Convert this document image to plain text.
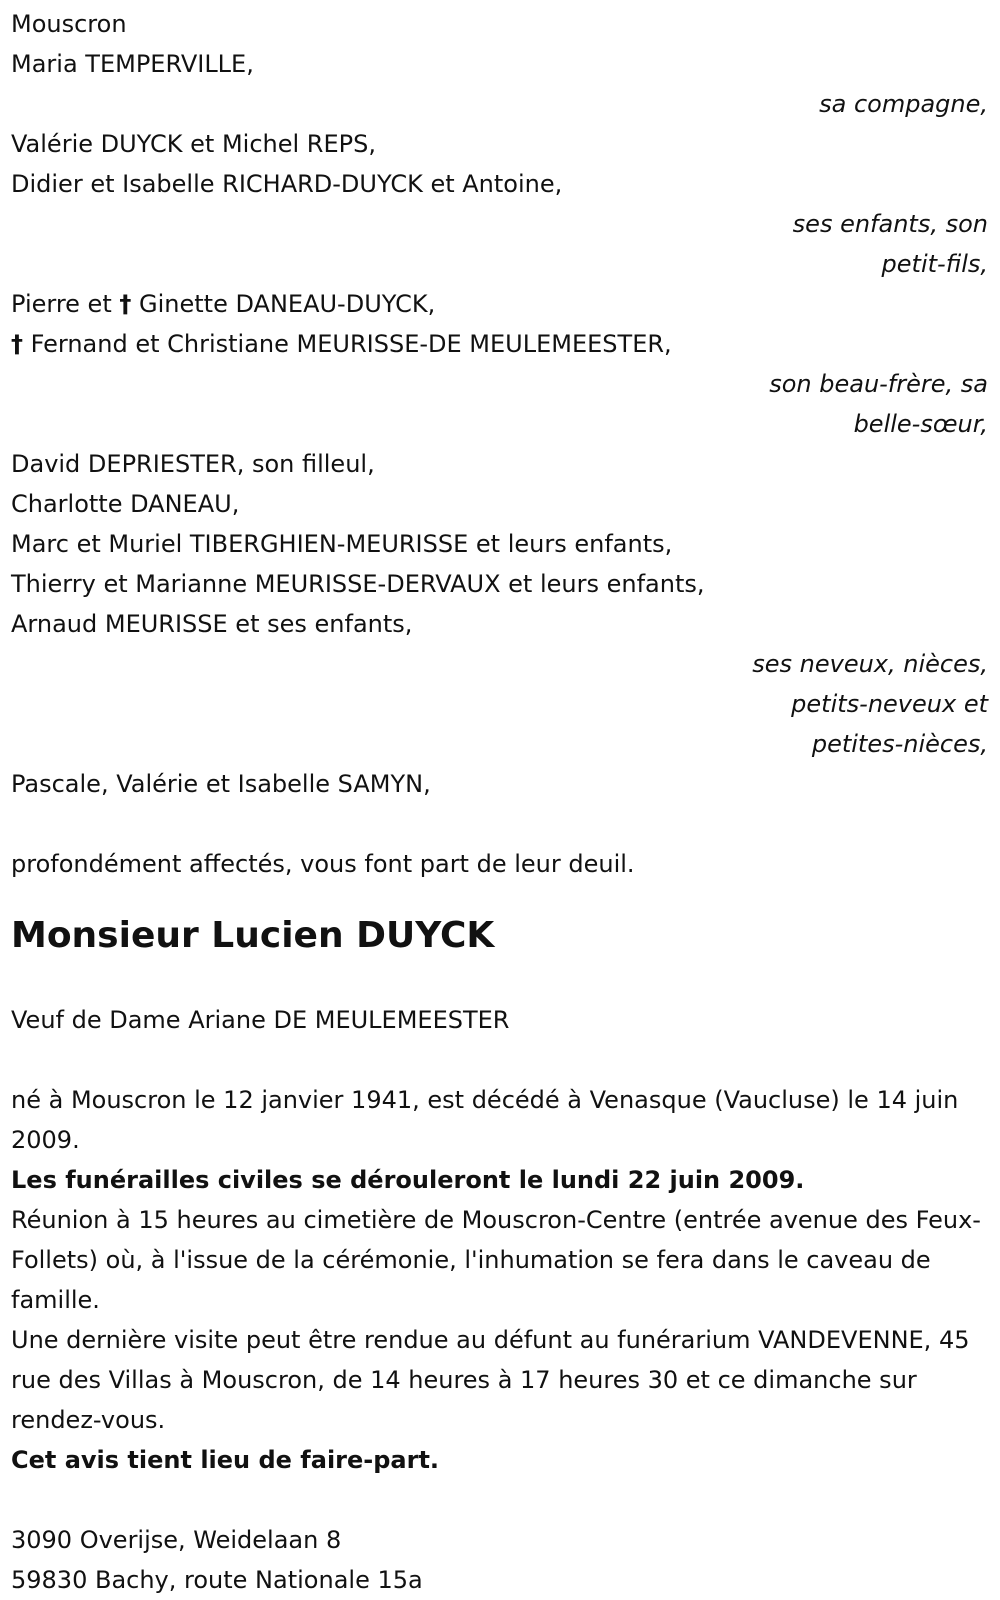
Mouscron
Maria TEMPERVILLE,
sa compagne,
Valérie DUYCK et Michel REPS,
Didier et Isabelle RICHARD-DUYCK et Antoine,
ses enfants, son
petit-fils,
Pierre et † Ginette DANEAU-DUYCK,
† Fernand et Christiane MEURISSE-DE MEULEMEESTER,
son beau-frère, sa
belle-sœur,
David DEPRIESTER, son filleul,
Charlotte DANEAU,
Marc et Muriel TIBERGHIEN-MEURISSE et leurs enfants,
Thierry et Marianne MEURISSE-DERVAUX et leurs enfants,
Arnaud MEURISSE et ses enfants,
ses neveux, nièces,
petits-neveux et
petites-nièces,
Pascale, Valérie et Isabelle SAMYN,
profondément affectés, vous font part de leur deuil.
Monsieur Lucien DUYCK
Veuf de Dame Ariane DE MEULEMEESTER
né à Mouscron le 12 janvier 1941, est décédé à Venasque (Vaucluse) le 14 juin 2009.
Les funérailles civiles se dérouleront le lundi 22 juin 2009.
Réunion à 15 heures au cimetière de Mouscron-Centre (entrée avenue des Feux-Follets) où, à l'issue de la cérémonie, l'inhumation se fera dans le caveau de famille.
Une dernière visite peut être rendue au défunt au funérarium VANDEVENNE, 45 rue des Villas à Mouscron, de 14 heures à 17 heures 30 et ce dimanche sur rendez-vous.
Cet avis tient lieu de faire-part.
3090 Overijse, Weidelaan 8
59830 Bachy, route Nationale 15a
